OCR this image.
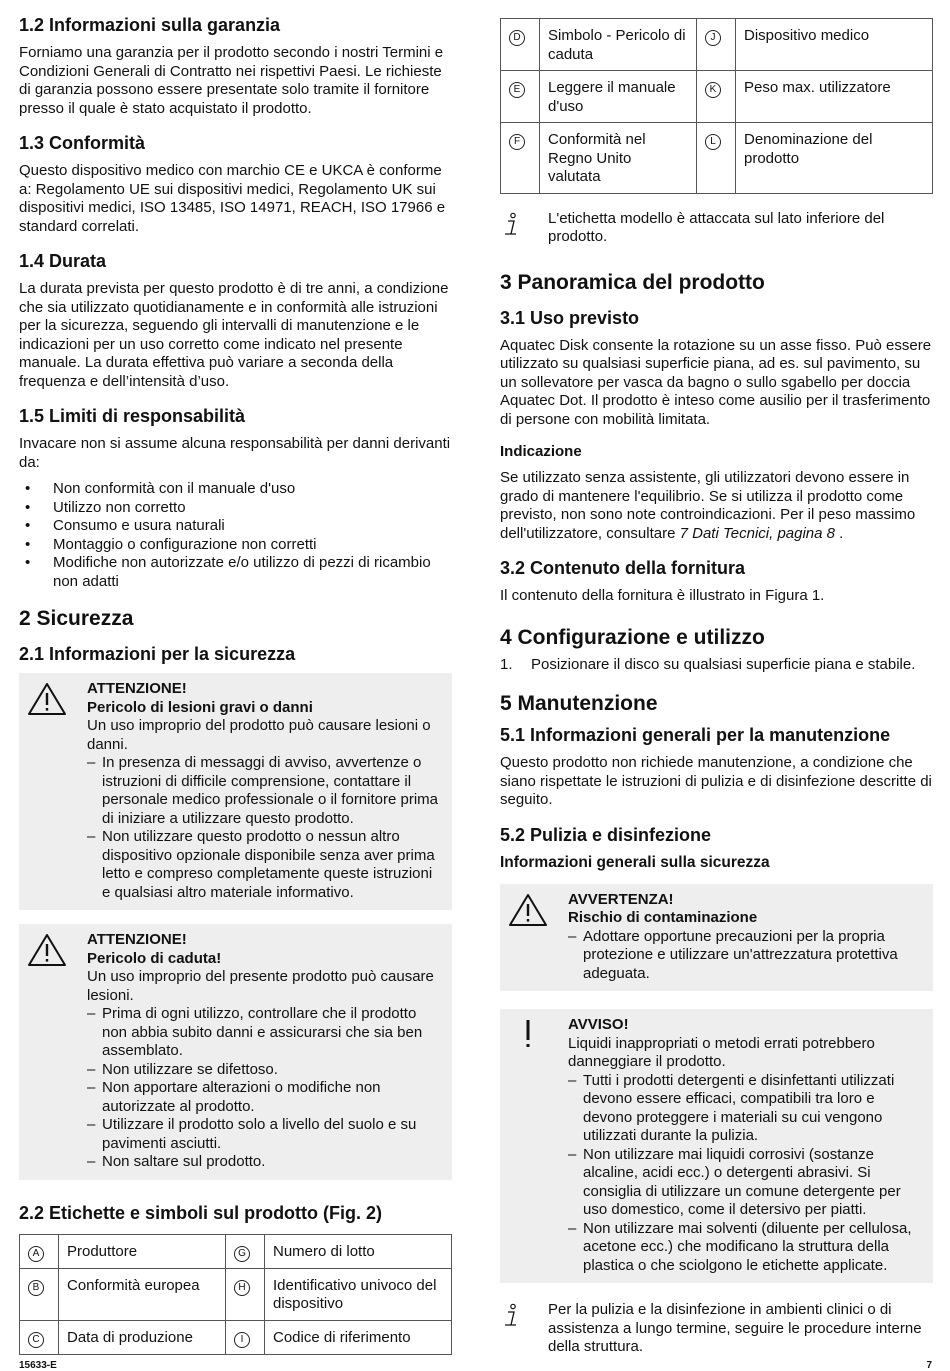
1.2 Informazioni sulla garanzia

Forniamo una garanzia per il prodotto secondo i nostri Termini e Condizioni Generali di Contratto nei rispettivi Paesi. Le richieste di garanzia possono essere presentate solo tramite il fornitore presso il quale è stato acquistato il prodotto.

1.3 Conformità

Questo dispositivo medico con marchio CE e UKCA è conforme a: Regolamento UE sui dispositivi medici, Regolamento UK sui dispositivi medici, ISO 13485, ISO 14971, REACH, ISO 17966 e standard correlati.

1.4 Durata

La durata prevista per questo prodotto è di tre anni, a condizione che sia utilizzato quotidianamente e in conformità alle istruzioni per la sicurezza, seguendo gli intervalli di manutenzione e le indicazioni per un uso corretto come indicato nel presente manuale. La durata effettiva può variare a seconda della frequenza e dell’intensità d’uso.

1.5 Limiti di responsabilità

Invacare non si assume alcuna responsabilità per danni derivanti da:

• Non conformità con il manuale d'uso
• Utilizzo non corretto
• Consumo e usura naturali
• Montaggio o configurazione non corretti
• Modifiche non autorizzate e/o utilizzo di pezzi di ricambio non adatti
2 Sicurezza
2.1 Informazioni per la sicurezza
ATTENZIONE!
Pericolo di lesioni gravi o danni
Un uso improprio del prodotto può causare lesioni o danni.
– In presenza di messaggi di avviso, avvertenze o istruzioni di difficile comprensione, contattare il personale medico professionale o il fornitore prima di iniziare a utilizzare questo prodotto.
– Non utilizzare questo prodotto o nessun altro dispositivo opzionale disponibile senza aver prima letto e compreso completamente queste istruzioni e qualsiasi altro materiale informativo.
ATTENZIONE!
Pericolo di caduta!
Un uso improprio del presente prodotto può causare lesioni.
– Prima di ogni utilizzo, controllare che il prodotto non abbia subito danni e assicurarsi che sia ben assemblato.
– Non utilizzare se difettoso.
– Non apportare alterazioni o modifiche non autorizzate al prodotto.
– Utilizzare il prodotto solo a livello del suolo e su pavimenti asciutti.
– Non saltare sul prodotto.
2.2 Etichette e simboli sul prodotto (Fig. 2)
A	Produttore	G	Numero di lotto
B	Conformità europea	H	Identificativo univoco del dispositivo
C	Data di produzione	I	Codice di riferimento
D	Simbolo - Pericolo di caduta	J	Dispositivo medico
E	Leggere il manuale d'uso	K	Peso max. utilizzatore
F	Conformità nel Regno Unito valutata	L	Denominazione del prodotto
L'etichetta modello è attaccata sul lato inferiore del prodotto.
3 Panoramica del prodotto
3.1 Uso previsto

Aquatec Disk consente la rotazione su un asse fisso. Può essere utilizzato su qualsiasi superficie piana, ad es. sul pavimento, su un sollevatore per vasca da bagno o sullo sgabello per doccia Aquatec Dot. Il prodotto è inteso come ausilio per il trasferimento di persone con mobilità limitata.

Indicazione

Se utilizzato senza assistente, gli utilizzatori devono essere in grado di mantenere l'equilibrio. Se si utilizza il prodotto come previsto, non sono note controindicazioni. Per il peso massimo dell'utilizzatore, consultare 7 Dati Tecnici, pagina 8 .

3.2 Contenuto della fornitura

Il contenuto della fornitura è illustrato in Figura 1.

4 Configurazione e utilizzo
1. Posizionare il disco su qualsiasi superficie piana e stabile.
5 Manutenzione
5.1 Informazioni generali per la manutenzione

Questo prodotto non richiede manutenzione, a condizione che siano rispettate le istruzioni di pulizia e di disinfezione descritte di seguito.

5.2 Pulizia e disinfezione
Informazioni generali sulla sicurezza
AVVERTENZA!
Rischio di contaminazione
– Adottare opportune precauzioni per la propria protezione e utilizzare un'attrezzatura protettiva adeguata.
AVVISO!
Liquidi inappropriati o metodi errati potrebbero danneggiare il prodotto.
– Tutti i prodotti detergenti e disinfettanti utilizzati devono essere efficaci, compatibili tra loro e devono proteggere i materiali su cui vengono utilizzati durante la pulizia.
– Non utilizzare mai liquidi corrosivi (sostanze alcaline, acidi ecc.) o detergenti abrasivi. Si consiglia di utilizzare un comune detergente per uso domestico, come il detersivo per piatti.
– Non utilizzare mai solventi (diluente per cellulosa, acetone ecc.) che modificano la struttura della plastica o che sciolgono le etichette applicate.
Per la pulizia e la disinfezione in ambienti clinici o di assistenza a lungo termine, seguire le procedure interne della struttura.
15633-E	7
